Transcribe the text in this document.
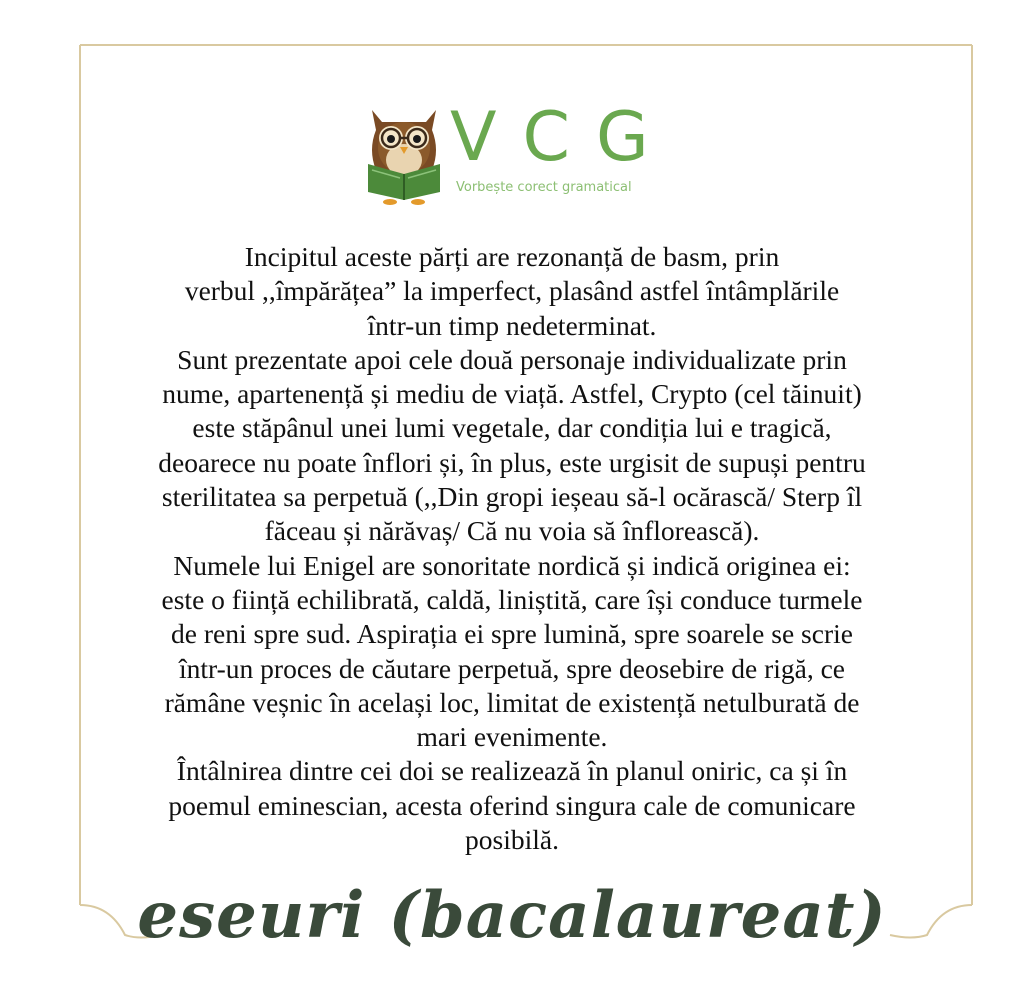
VCG
Vorbește corect gramatical
Incipitul aceste părți are rezonanță de basm, prin
verbul ,,împărățea” la imperfect, plasând astfel întâmplările
într-un timp nedeterminat.
Sunt prezentate apoi cele două personaje individualizate prin
nume, apartenență și mediu de viață. Astfel, Crypto (cel tăinuit)
este stăpânul unei lumi vegetale, dar condiția lui e tragică,
deoarece nu poate înflori și, în plus, este urgisit de supuși pentru
sterilitatea sa perpetuă (,,Din gropi ieșeau să-l ocărască/ Sterp îl
făceau și nărăvaș/ Că nu voia să înflorească).
Numele lui Enigel are sonoritate nordică și indică originea ei:
este o ființă echilibrată, caldă, liniștită, care își conduce turmele
de reni spre sud. Aspirația ei spre lumină, spre soarele se scrie
într-un proces de căutare perpetuă, spre deosebire de rigă, ce
rămâne veșnic în același loc, limitat de existență netulburată de
mari evenimente.
Întâlnirea dintre cei doi se realizează în planul oniric, ca și în
poemul eminescian, acesta oferind singura cale de comunicare
posibilă.
eseuri (bacalaureat)
